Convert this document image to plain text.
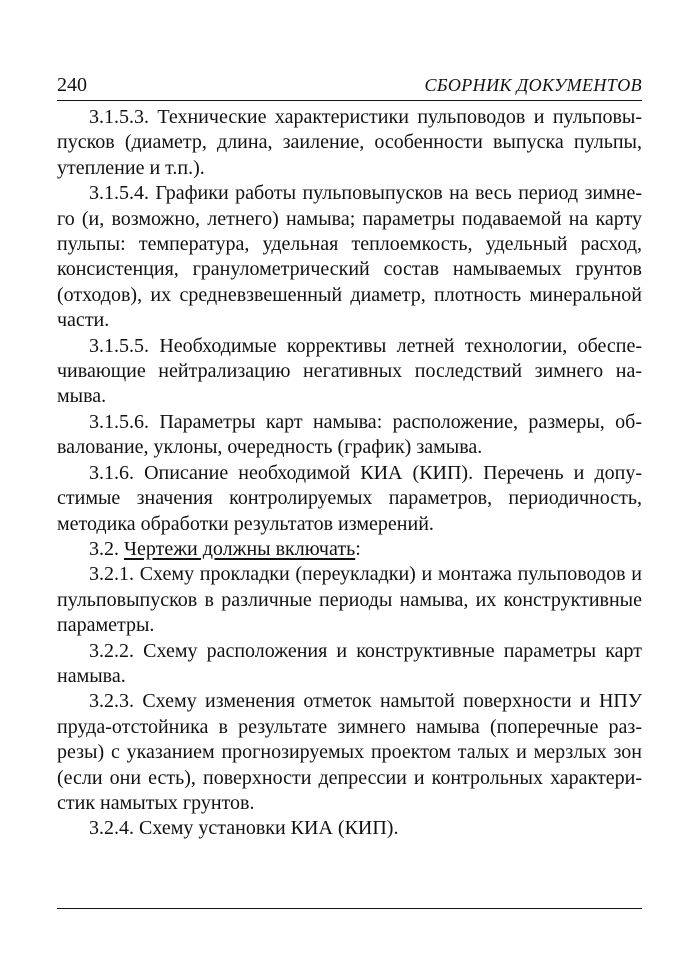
240	СБОРНИК ДОКУМЕНТОВ

3.1.5.3. Технические характеристики пульповодов и пульповыпусков (диаметр, длина, заиление, особенности выпуска пульпы, утепление и т.п.).

3.1.5.4. Графики работы пульповыпусков на весь период зимнего (и, возможно, летнего) намыва; параметры подаваемой на карту пульпы: температура, удельная теплоемкость, удельный расход, консистенция, гранулометрический состав намываемых грунтов (отходов), их средневзвешенный диаметр, плотность минеральной части.

3.1.5.5. Необходимые коррективы летней технологии, обеспечивающие нейтрализацию негативных последствий зимнего намыва.

3.1.5.6. Параметры карт намыва: расположение, размеры, обвалование, уклоны, очередность (график) замыва.

3.1.6. Описание необходимой КИА (КИП). Перечень и допустимые значения контролируемых параметров, периодичность, методика обработки результатов измерений.

3.2. Чертежи должны включать:

3.2.1. Схему прокладки (переукладки) и монтажа пульповодов и пульповыпусков в различные периоды намыва, их конструктивные параметры.

3.2.2. Схему расположения и конструктивные параметры карт намыва.

3.2.3. Схему изменения отметок намытой поверхности и НПУ пруда-отстойника в результате зимнего намыва (поперечные разрезы) с указанием прогнозируемых проектом талых и мерзлых зон (если они есть), поверхности депрессии и контрольных характеристик намытых грунтов.

3.2.4. Схему установки КИА (КИП).
